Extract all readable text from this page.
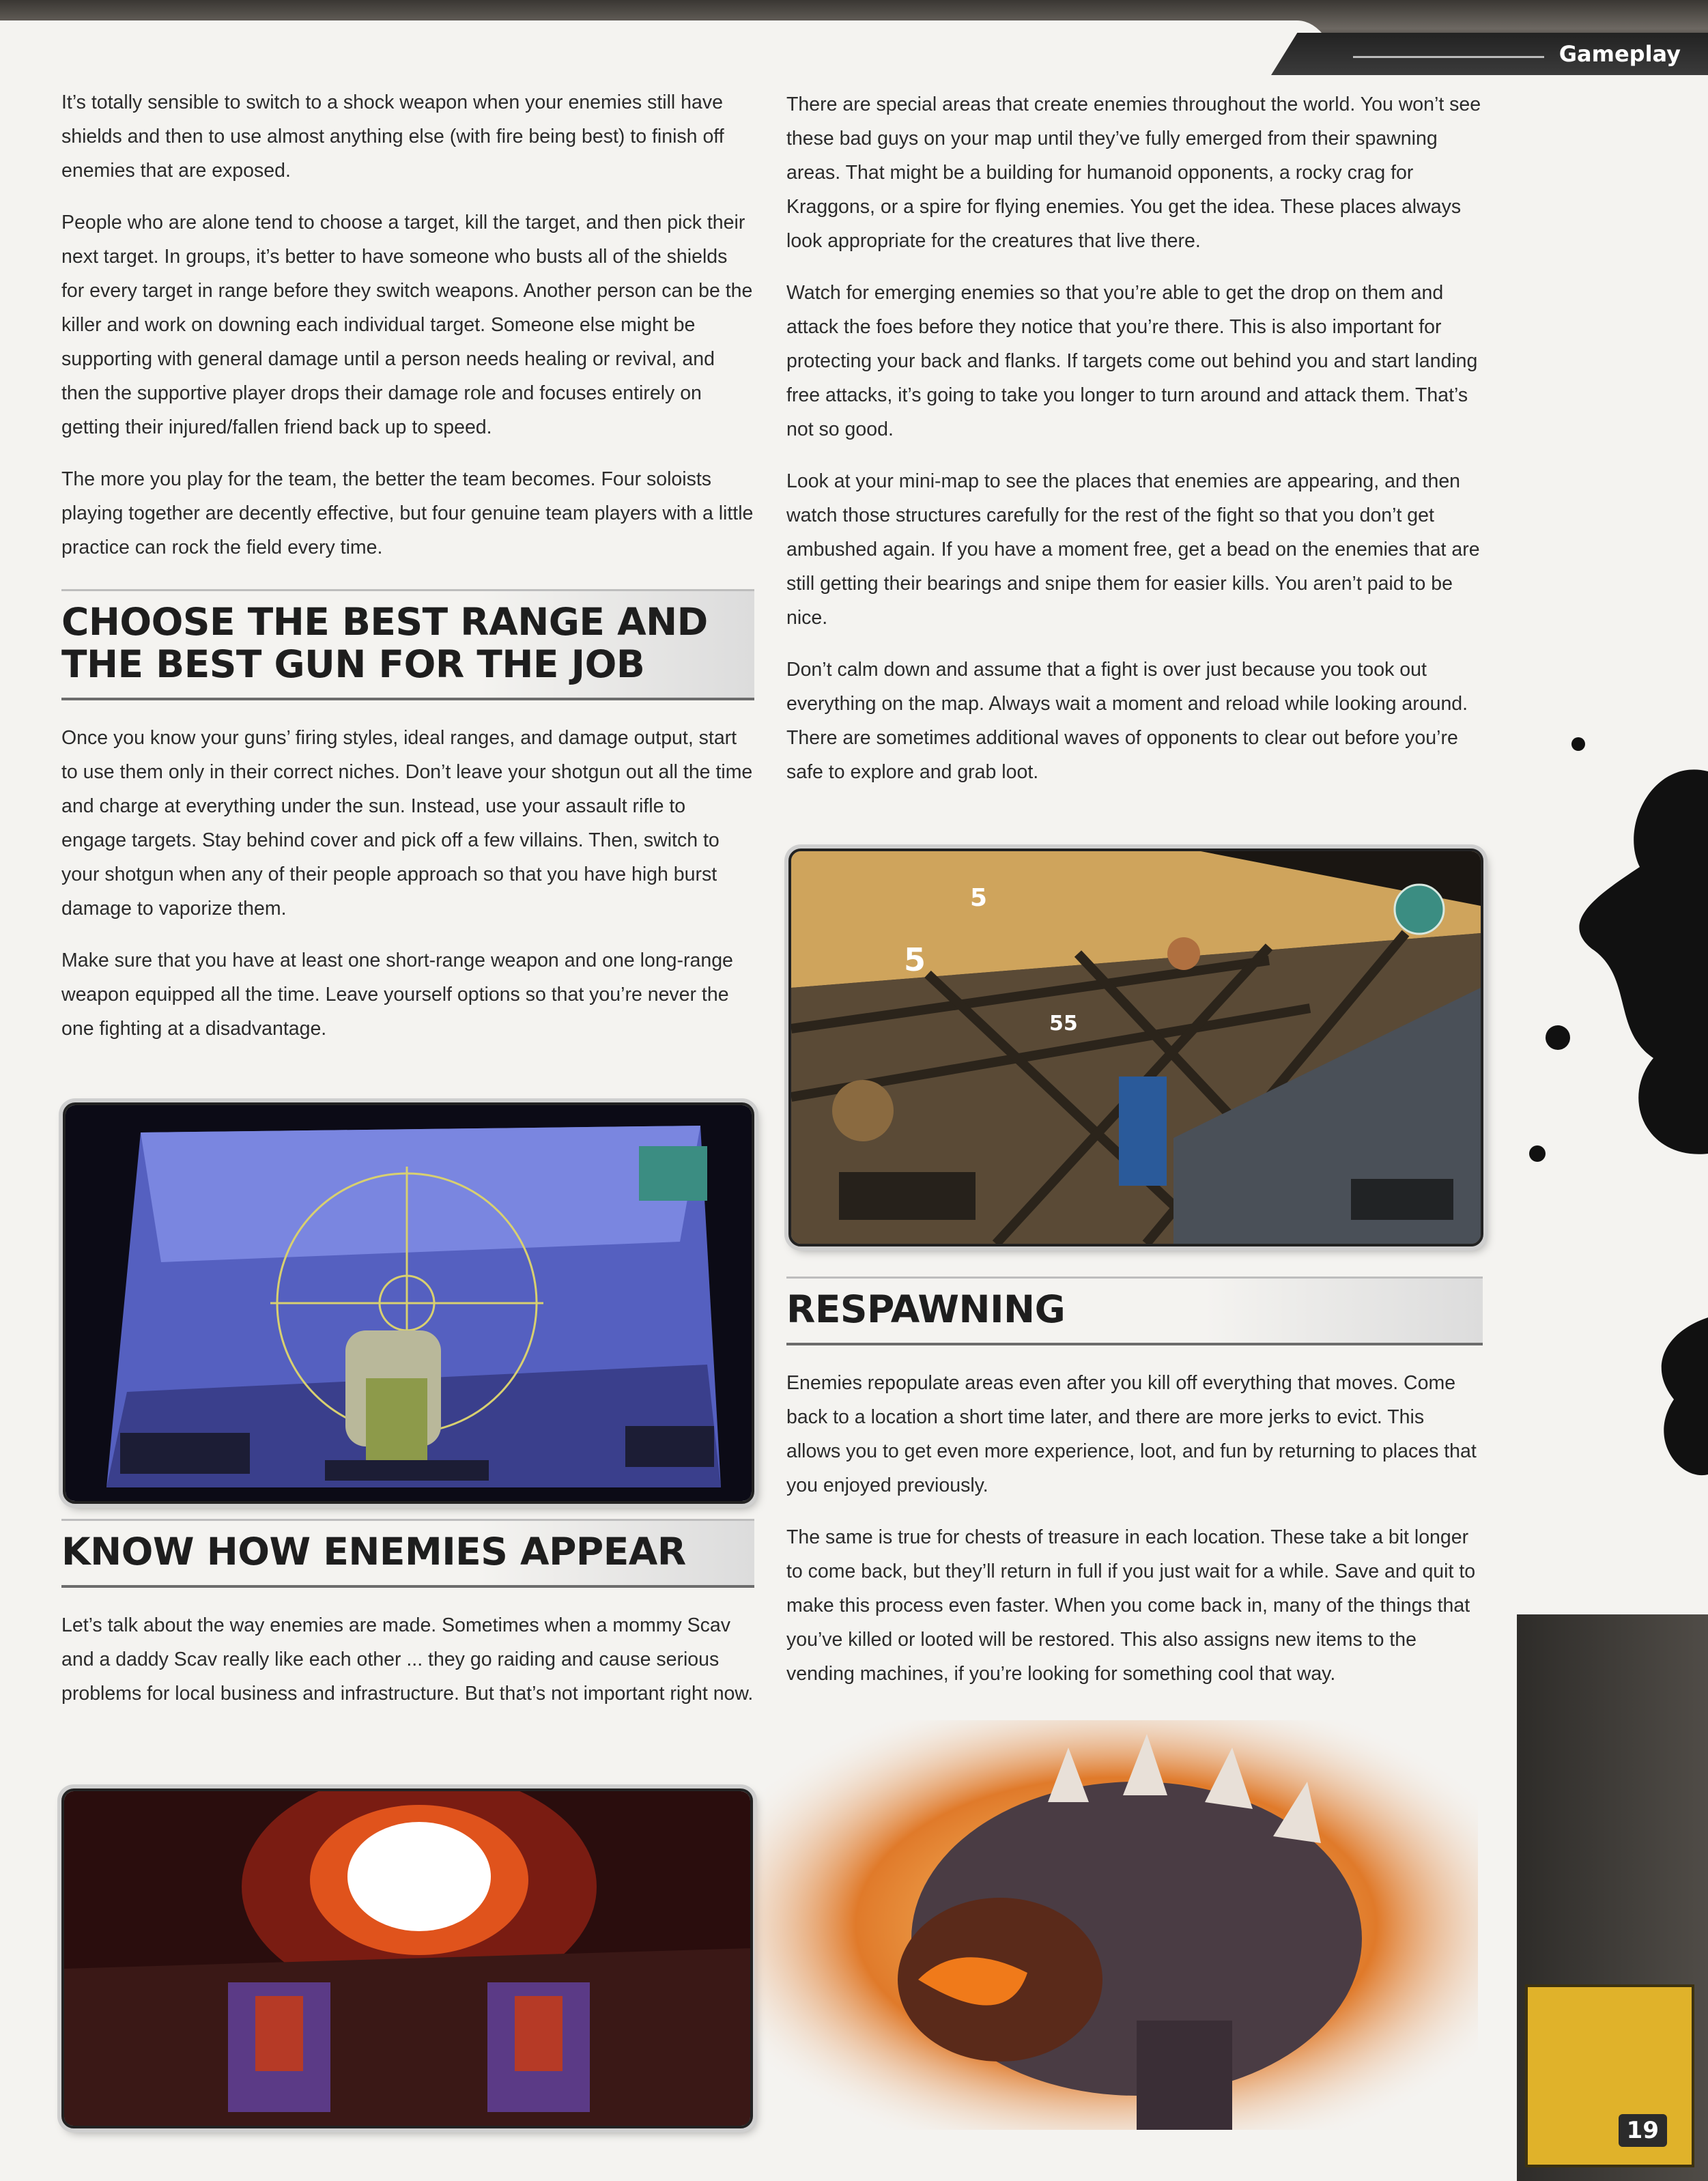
Gameplay

It’s totally sensible to switch to a shock weapon when your enemies still have shields and then to use almost anything else (with fire being best) to finish off enemies that are exposed.

People who are alone tend to choose a target, kill the target, and then pick their next target. In groups, it’s better to have someone who busts all of the shields for every target in range before they switch weapons. Another person can be the killer and work on downing each individual target. Someone else might be supporting with general damage until a person needs healing or revival, and then the supportive player drops their damage role and focuses entirely on getting their injured/fallen friend back up to speed.

The more you play for the team, the better the team becomes. Four soloists playing together are decently effective, but four genuine team players with a little practice can rock the field every time.

CHOOSE THE BEST RANGE AND THE BEST GUN FOR THE JOB

Once you know your guns’ firing styles, ideal ranges, and damage output, start to use them only in their correct niches. Don’t leave your shotgun out all the time and charge at everything under the sun. Instead, use your assault rifle to engage targets. Stay behind cover and pick off a few villains. Then, switch to your shotgun when any of their people approach so that you have high burst damage to vaporize them.

Make sure that you have at least one short-range weapon and one long-range weapon equipped all the time. Leave yourself options so that you’re never the one fighting at a disadvantage.

KNOW HOW ENEMIES APPEAR

Let’s talk about the way enemies are made. Sometimes when a mommy Scav and a daddy Scav really like each other ... they go raiding and cause serious problems for local business and infrastructure. But that’s not important right now.

There are special areas that create enemies throughout the world. You won’t see these bad guys on your map until they’ve fully emerged from their spawning areas. That might be a building for humanoid opponents, a rocky crag for Kraggons, or a spire for flying enemies. You get the idea. These places always look appropriate for the creatures that live there.

Watch for emerging enemies so that you’re able to get the drop on them and attack the foes before they notice that you’re there. This is also important for protecting your back and flanks. If targets come out behind you and start landing free attacks, it’s going to take you longer to turn around and attack them. That’s not so good.

Look at your mini-map to see the places that enemies are appearing, and then watch those structures carefully for the rest of the fight so that you don’t get ambushed again. If you have a moment free, get a bead on the enemies that are still getting their bearings and snipe them for easier kills. You aren’t paid to be nice.

Don’t calm down and assume that a fight is over just because you took out everything on the map. Always wait a moment and reload while looking around. There are sometimes additional waves of opponents to clear out before you’re safe to explore and grab loot.

RESPAWNING

Enemies repopulate areas even after you kill off everything that moves. Come back to a location a short time later, and there are more jerks to evict. This allows you to get even more experience, loot, and fun by returning to places that you enjoyed previously.

The same is true for chests of treasure in each location. These take a bit longer to come back, but they’ll return in full if you just wait for a while. Save and quit to make this process even faster. When you come back in, many of the things that you’ve killed or looted will be restored. This also assigns new items to the vending machines, if you’re looking for something cool that way.

5
5
55
19
